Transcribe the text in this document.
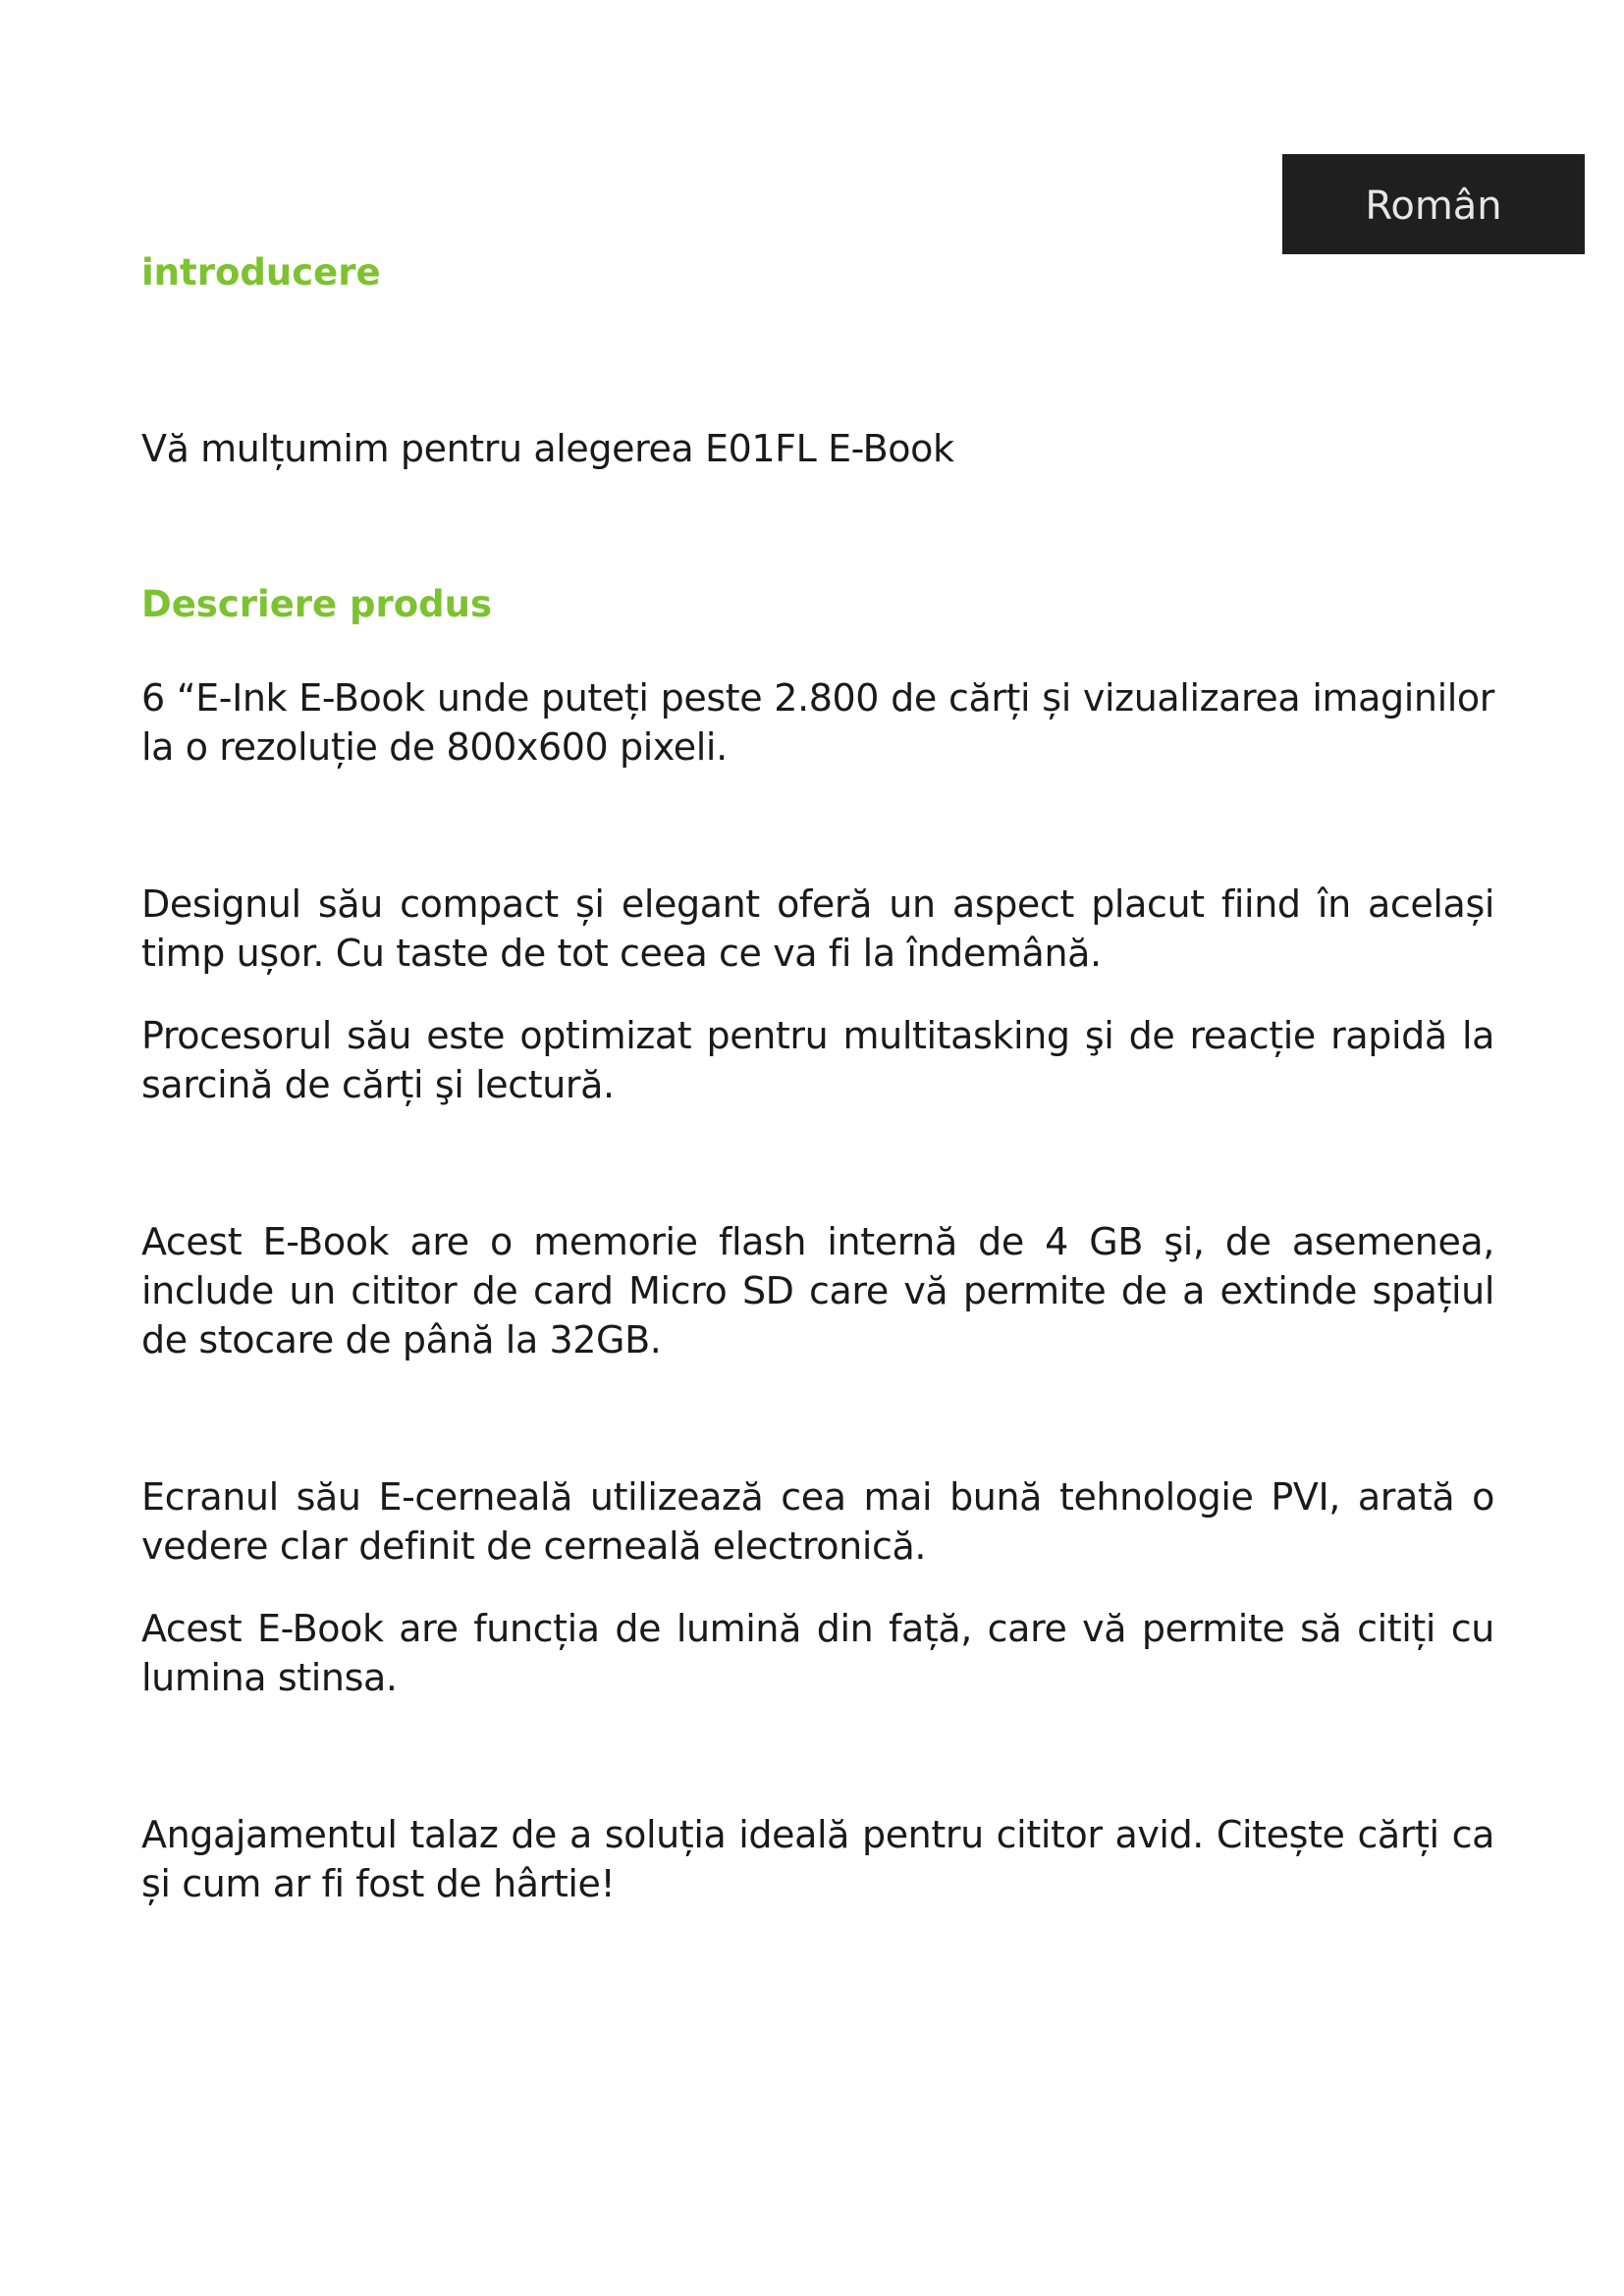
Român
introducere

Vă mulțumim pentru alegerea E01FL E-Book

Descriere produs

6 “E-Ink E-Book unde puteți peste 2.800 de cărți și vizualizarea imaginilor la o rezoluție de 800x600 pixeli.

Designul său compact și elegant oferă un aspect placut fiind în același timp ușor. Cu taste de tot ceea ce va fi la îndemână.

Procesorul său este optimizat pentru multitasking şi de reacție rapidă la sarcină de cărți şi lectură.

Acest E-Book are o memorie flash internă de 4 GB şi, de asemenea, include un cititor de card Micro SD care vă permite de a extinde spațiul de stocare de până la 32GB.

Ecranul său E-cerneală utilizează cea mai bună tehnologie PVI, arată o vedere clar definit de cerneală electronică.

Acest E-Book are funcția de lumină din față, care vă permite să citiți cu lumina stinsa.

Angajamentul talaz de a soluția ideală pentru cititor avid. Citește cărți ca și cum ar fi fost de hârtie!
